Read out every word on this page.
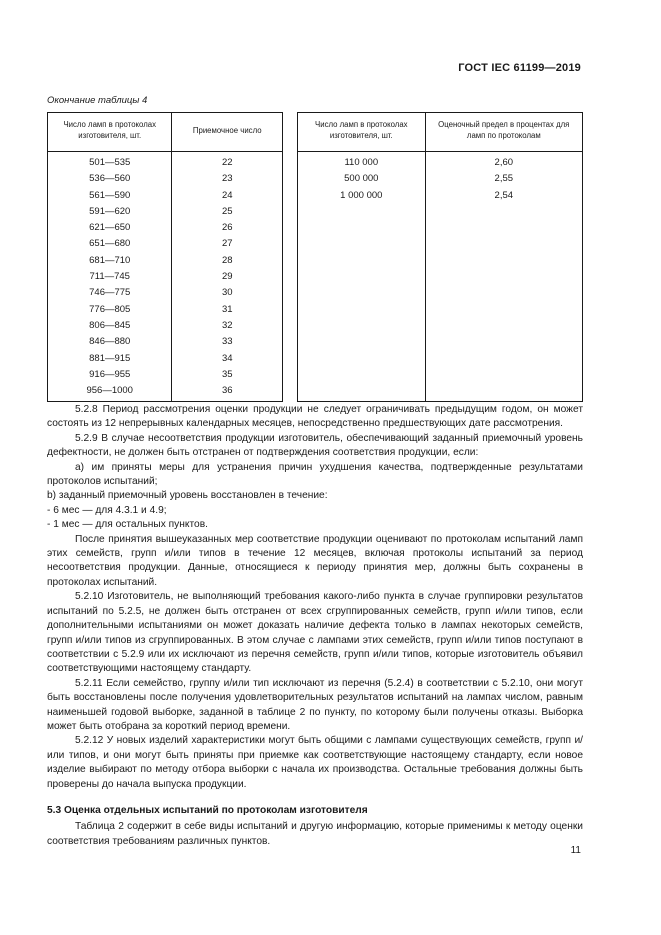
ГОСТ IEC 61199—2019
Окончание таблицы 4
Число ламп в протоколах изготовителя, шт.	Приемочное число
501—535	22
536—560	23
561—590	24
591—620	25
621—650	26
651—680	27
681—710	28
711—745	29
746—775	30
776—805	31
806—845	32
846—880	33
881—915	34
916—955	35
956—1000	36
Число ламп в протоколах изготовителя, шт.	Оценочный предел в процентах для ламп по протоколам
110 000	2,60
500 000	2,55
1 000 000	2,54

5.2.8 Период рассмотрения оценки продукции не следует ограничивать предыдущим годом, он может состоять из 12 непрерывных календарных месяцев, непосредственно предшествующих дате рассмотрения.

5.2.9 В случае несоответствия продукции изготовитель, обеспечивающий заданный приемочный уровень дефектности, не должен быть отстранен от подтверждения соответствия продукции, если:

a) им приняты меры для устранения причин ухудшения качества, подтвержденные результатами протоколов испытаний;

b) заданный приемочный уровень восстановлен в течение:

- 6 мес — для 4.3.1 и 4.9;

- 1 мес — для остальных пунктов.

После принятия вышеуказанных мер соответствие продукции оценивают по протоколам испытаний ламп этих семейств, групп и/или типов в течение 12 месяцев, включая протоколы испытаний за период несоответствия продукции. Данные, относящиеся к периоду принятия мер, должны быть сохранены в протоколах испытаний.

5.2.10 Изготовитель, не выполняющий требования какого-либо пункта в случае группировки результатов испытаний по 5.2.5, не должен быть отстранен от всех сгруппированных семейств, групп и/или типов, если дополнительными испытаниями он может доказать наличие дефекта только в лампах некоторых семейств, групп и/или типов из сгруппированных. В этом случае с лампами этих семейств, групп и/или типов поступают в соответствии с 5.2.9 или их исключают из перечня семейств, групп и/или типов, которые изготовитель объявил соответствующими настоящему стандарту.

5.2.11 Если семейство, группу и/или тип исключают из перечня (5.2.4) в соответствии с 5.2.10, они могут быть восстановлены после получения удовлетворительных результатов испытаний на лампах числом, равным наименьшей годовой выборке, заданной в таблице 2 по пункту, по которому были получены отказы. Выборка может быть отобрана за короткий период времени.

5.2.12 У новых изделий характеристики могут быть общими с лампами существующих семейств, групп и/или типов, и они могут быть приняты при приемке как соответствующие настоящему стандарту, если новое изделие выбирают по методу отбора выборки с начала их производства. Остальные требования должны быть проверены до начала выпуска продукции.

5.3 Оценка отдельных испытаний по протоколам изготовителя

Таблица 2 содержит в себе виды испытаний и другую информацию, которые применимы к методу оценки соответствия требованиям различных пунктов.

11
